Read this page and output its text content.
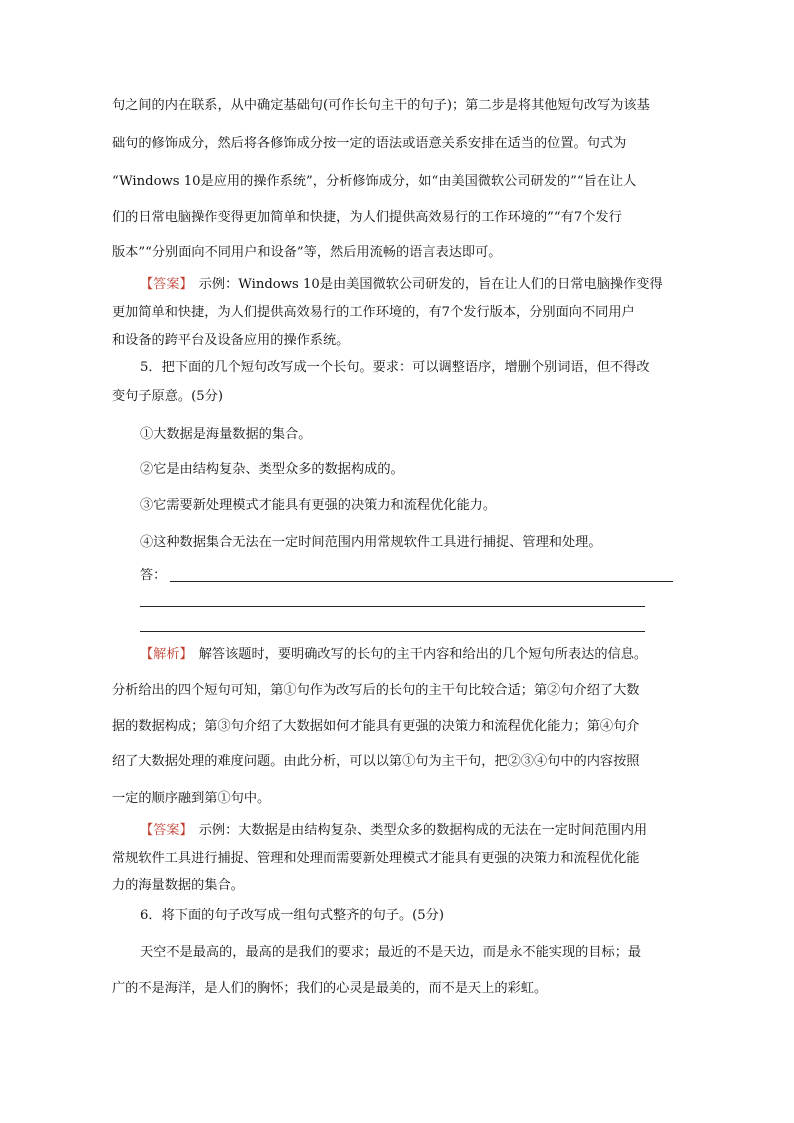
句之间的内在联系，从中确定基础句(可作长句主干的句子)；第二步是将其他短句改写为该基
础句的修饰成分，然后将各修饰成分按一定的语法或语意关系安排在适当的位置。句式为
“Windows 10是应用的操作系统”，分析修饰成分，如“由美国微软公司研发的”“旨在让人
们的日常电脑操作变得更加简单和快捷，为人们提供高效易行的工作环境的”“有7个发行
版本”“分别面向不同用户和设备”等，然后用流畅的语言表达即可。
【答案】 示例：Windows 10是由美国微软公司研发的，旨在让人们的日常电脑操作变得
更加简单和快捷，为人们提供高效易行的工作环境的，有7个发行版本，分别面向不同用户
和设备的跨平台及设备应用的操作系统。
5．把下面的几个短句改写成一个长句。要求：可以调整语序，增删个别词语，但不得改
变句子原意。(5分)
①大数据是海量数据的集合。
②它是由结构复杂、类型众多的数据构成的。
③它需要新处理模式才能具有更强的决策力和流程优化能力。
④这种数据集合无法在一定时间范围内用常规软件工具进行捕捉、管理和处理。
答：
【解析】 解答该题时，要明确改写的长句的主干内容和给出的几个短句所表达的信息。
分析给出的四个短句可知，第①句作为改写后的长句的主干句比较合适；第②句介绍了大数
据的数据构成；第③句介绍了大数据如何才能具有更强的决策力和流程优化能力；第④句介
绍了大数据处理的难度问题。由此分析，可以以第①句为主干句，把②③④句中的内容按照
一定的顺序融到第①句中。
【答案】 示例：大数据是由结构复杂、类型众多的数据构成的无法在一定时间范围内用
常规软件工具进行捕捉、管理和处理而需要新处理模式才能具有更强的决策力和流程优化能
力的海量数据的集合。
6．将下面的句子改写成一组句式整齐的句子。(5分)
天空不是最高的，最高的是我们的要求；最近的不是天边，而是永不能实现的目标；最
广的不是海洋，是人们的胸怀；我们的心灵是最美的，而不是天上的彩虹。
